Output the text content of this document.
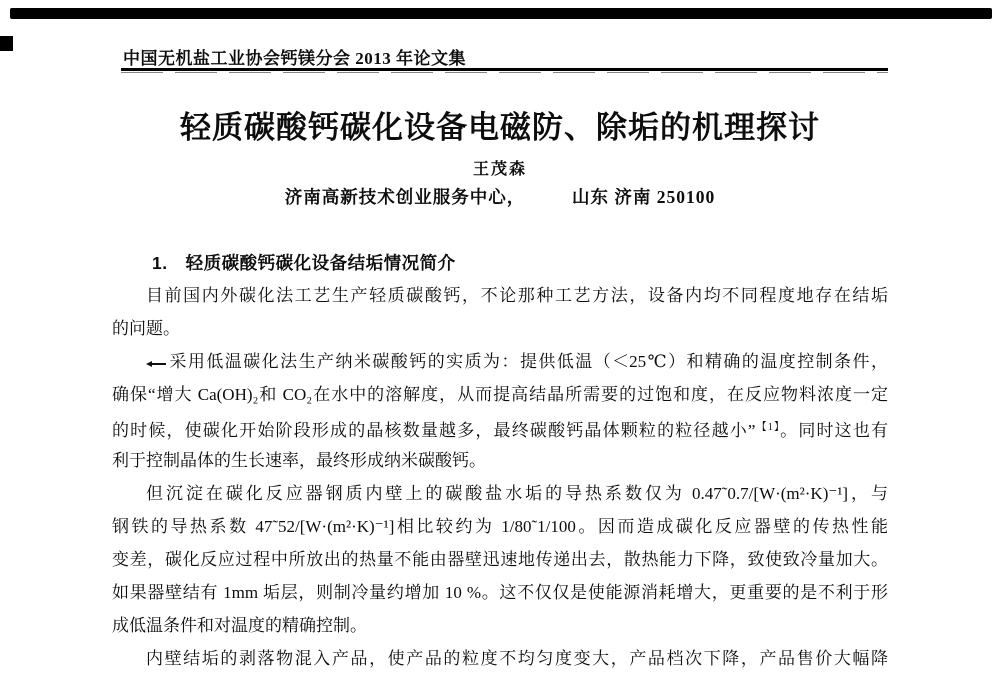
中国无机盐工业协会钙镁分会 2013 年论文集
轻质碳酸钙碳化设备电磁防、除垢的机理探讨
王茂森
济南高新技术创业服务中心，　　　山东 济南 250100
1.　轻质碳酸钙碳化设备结垢情况简介
目前国内外碳化法工艺生产轻质碳酸钙，不论那种工艺方法，设备内均不同程度地存在结垢
的问题。
采用低温碳化法生产纳米碳酸钙的实质为：提供低温（＜25℃）和精确的温度控制条件，
确保“增大 Ca(OH)₂和 CO₂在水中的溶解度，从而提高结晶所需要的过饱和度，在反应物料浓度一定
的时候，使碳化开始阶段形成的晶核数量越多，最终碳酸钙晶体颗粒的粒径越小”$^{【1】}$。同时这也有
利于控制晶体的生长速率，最终形成纳米碳酸钙。
但沉淀在碳化反应器钢质内壁上的碳酸盐水垢的导热系数仅为 0.47˜0.7/[W·(m²·K)⁻¹]，与
钢铁的导热系数 47˜52/[W·(m²·K)⁻¹]相比较约为 1/80˜1/100。因而造成碳化反应器壁的传热性能
变差，碳化反应过程中所放出的热量不能由器壁迅速地传递出去，散热能力下降，致使致冷量加大。
如果器壁结有 1mm 垢层，则制冷量约增加 10 %。这不仅仅是使能源消耗增大，更重要的是不利于形
成低温条件和对温度的精确控制。
内壁结垢的剥落物混入产品，使产品的粒度不均匀度变大，产品档次下降，产品售价大幅降
